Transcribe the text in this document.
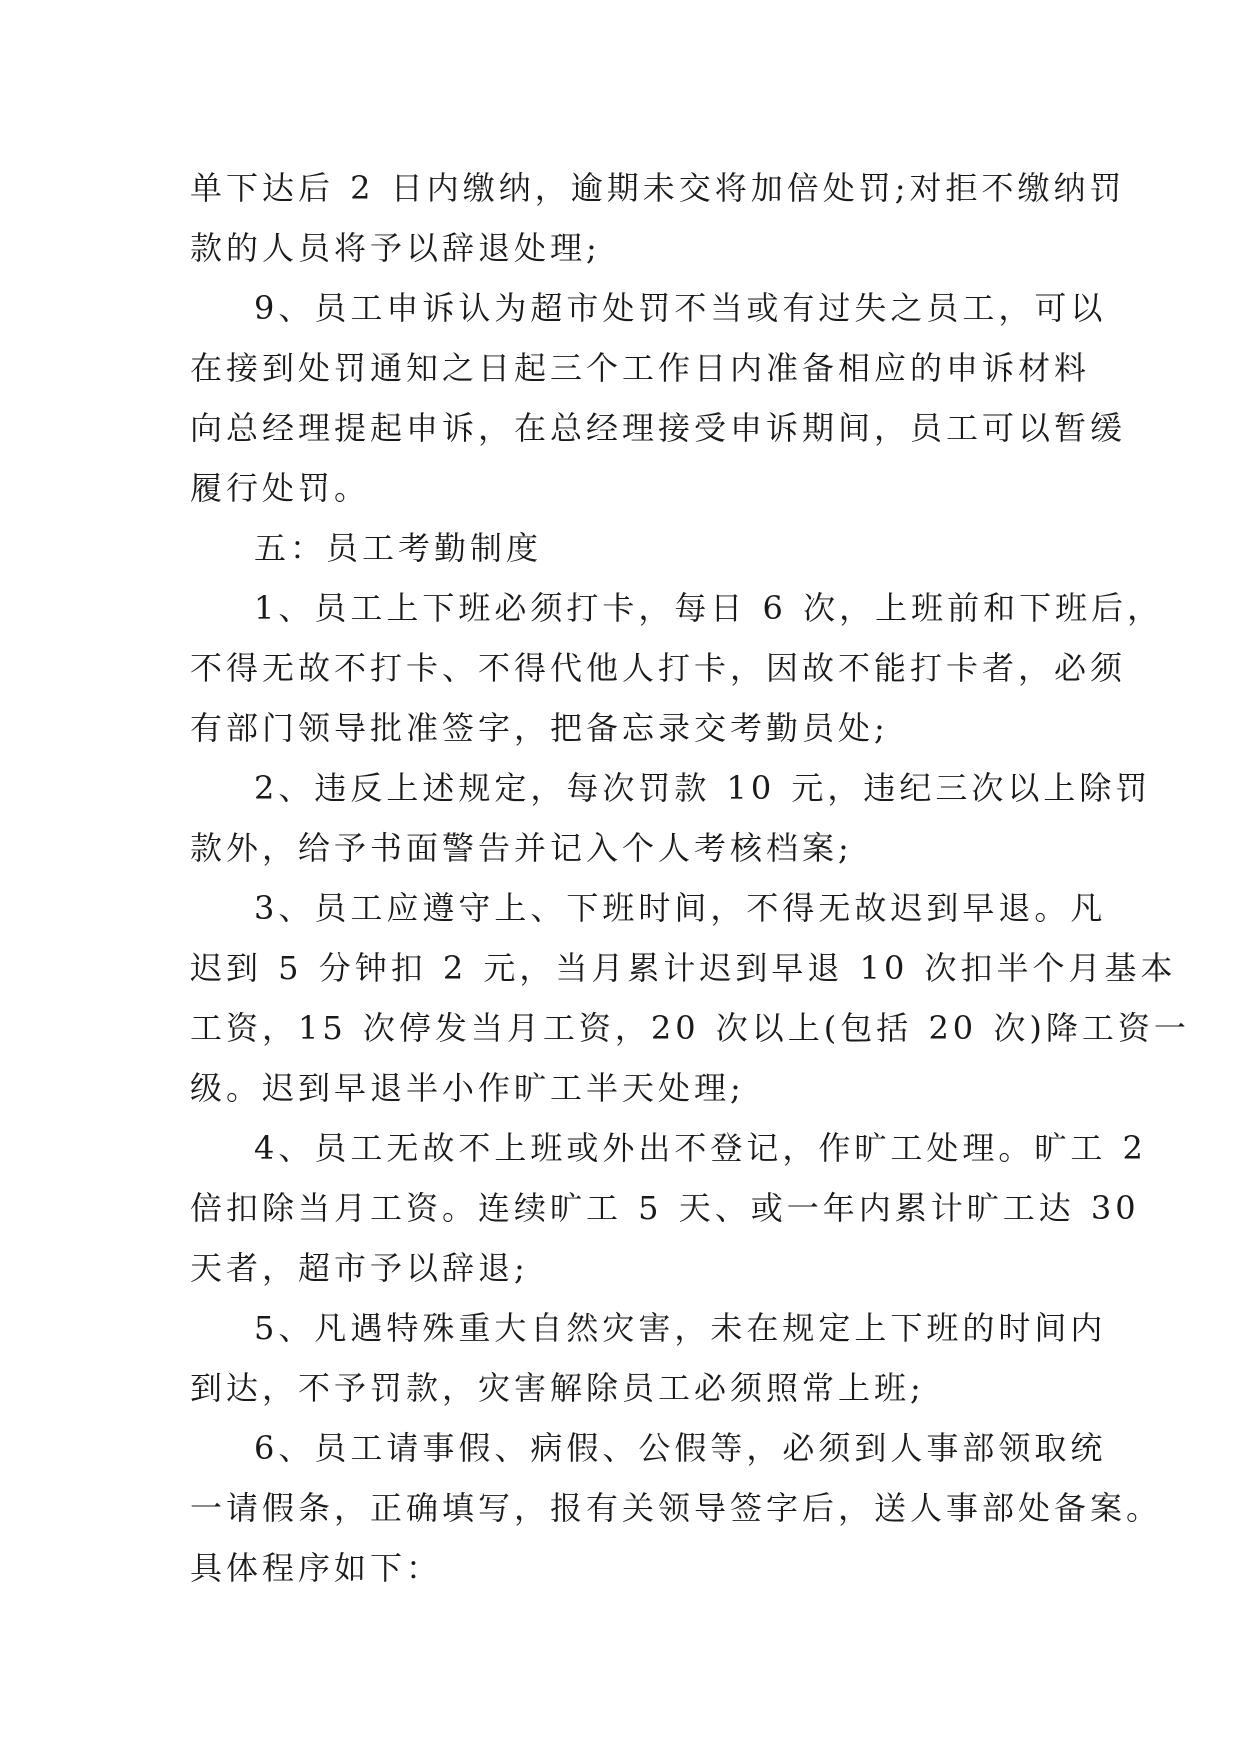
单下达后 2 日内缴纳，逾期未交将加倍处罚;对拒不缴纳罚
款的人员将予以辞退处理;
9、员工申诉认为超市处罚不当或有过失之员工，可以
在接到处罚通知之日起三个工作日内准备相应的申诉材料
向总经理提起申诉，在总经理接受申诉期间，员工可以暂缓
履行处罚。
五：员工考勤制度
1、员工上下班必须打卡，每日 6 次，上班前和下班后，
不得无故不打卡、不得代他人打卡，因故不能打卡者，必须
有部门领导批准签字，把备忘录交考勤员处;
2、违反上述规定，每次罚款 10 元，违纪三次以上除罚
款外，给予书面警告并记入个人考核档案;
3、员工应遵守上、下班时间，不得无故迟到早退。凡
迟到 5 分钟扣 2 元，当月累计迟到早退 10 次扣半个月基本
工资，15 次停发当月工资，20 次以上(包括 20 次)降工资一
级。迟到早退半小作旷工半天处理;
4、员工无故不上班或外出不登记，作旷工处理。旷工 2
倍扣除当月工资。连续旷工 5 天、或一年内累计旷工达 30
天者，超市予以辞退;
5、凡遇特殊重大自然灾害，未在规定上下班的时间内
到达，不予罚款，灾害解除员工必须照常上班;
6、员工请事假、病假、公假等，必须到人事部领取统
一请假条，正确填写，报有关领导签字后，送人事部处备案。
具体程序如下：
